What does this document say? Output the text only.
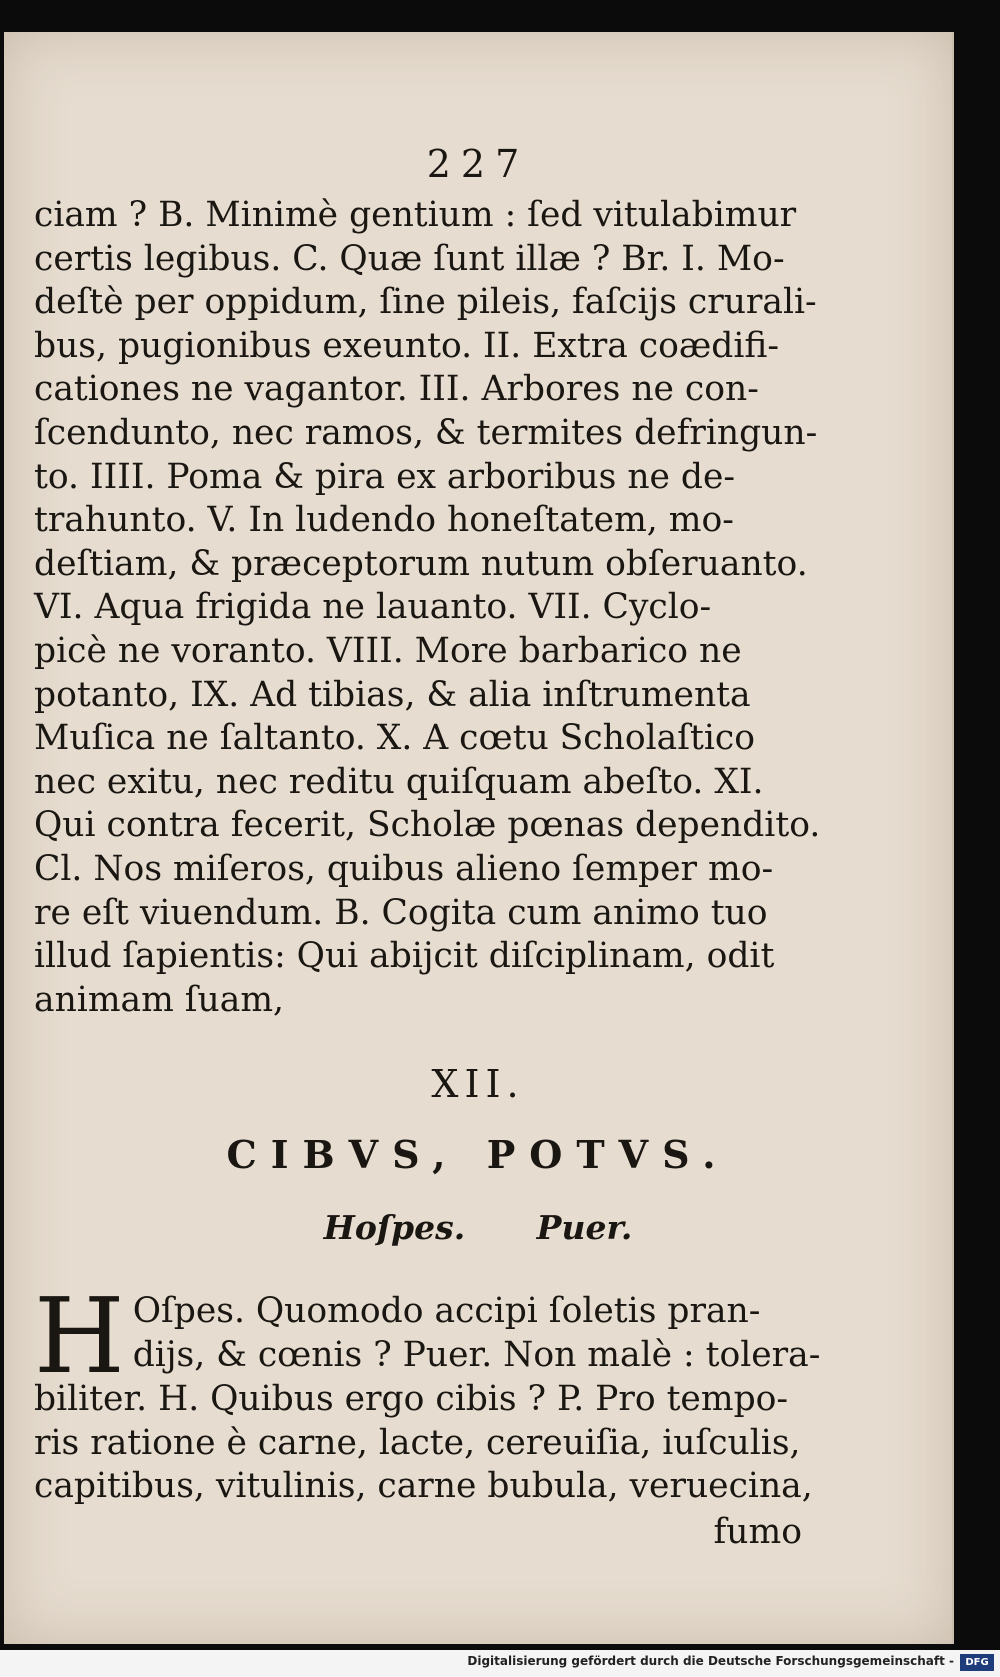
227
ciam ? B. Minimè gentium : ſed vitulabimur
certis legibus. C. Quæ ſunt illæ ? Br. I. Mo-
deſtè per oppidum, ſine pileis, faſcijs crurali-
bus, pugionibus exeunto. II. Extra coædifi-
cationes ne vagantor. III. Arbores ne con-
ſcendunto, nec ramos, & termites defringun-
to. IIII. Poma & pira ex arboribus ne de-
trahunto. V. In ludendo honeſtatem, mo-
deſtiam, & præceptorum nutum obſeruanto.
VI. Aqua frigida ne lauanto. VII. Cyclo-
picè ne voranto. VIII. More barbarico ne
potanto, IX. Ad tibias, & alia inſtrumenta
Muſica ne ſaltanto. X. A cœtu Scholaſtico
nec exitu, nec reditu quiſquam abeſto. XI.
Qui contra fecerit, Scholæ pœnas dependito.
Cl. Nos miſeros, quibus alieno ſemper mo-
re eſt viuendum. B. Cogita cum animo tuo
illud ſapientis: Qui abijcit diſciplinam, odit
animam ſuam,
XII.
CIBVS, POTVS.
Hoſpes. Puer.
H Oſpes. Quomodo accipi ſoletis pran-
dijs, & cœnis ? Puer. Non malè : tolera-
biliter. H. Quibus ergo cibis ? P. Pro tempo-
ris ratione è carne, lacte, cereuiſia, iuſculis,
capitibus, vitulinis, carne bubula, veruecina,
fumo
Digitalisierung gefördert durch die Deutsche Forschungsgemeinschaft -	DFG
